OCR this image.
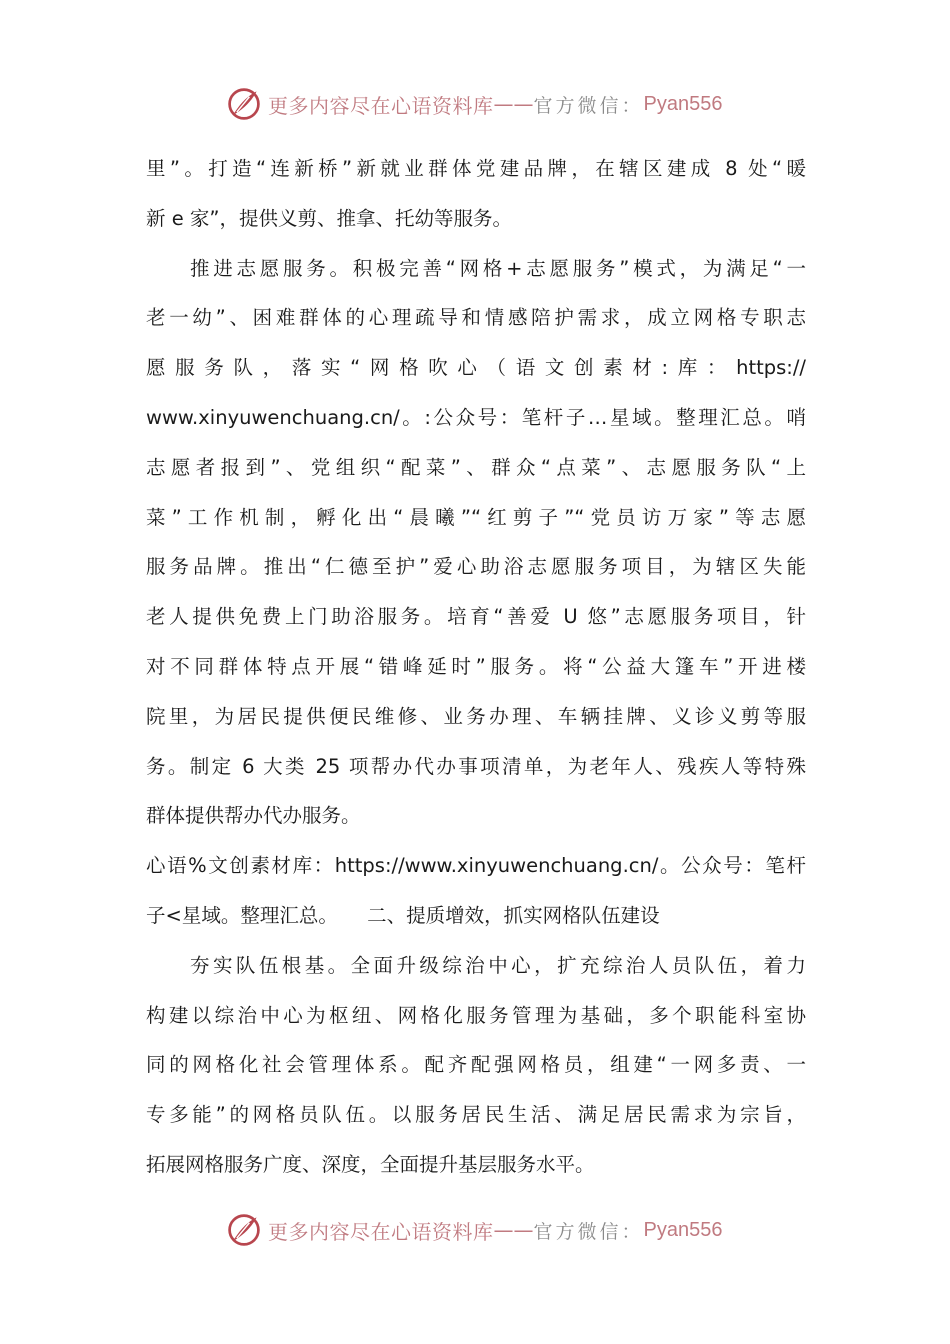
更多内容尽在心语资料库 —— 官方微信： Pyan556
里”。打造“连新桥”新就业群体党建品牌，在辖区建成 8 处“暖
新 e 家”，提供义剪、推拿、托幼等服务。
推进志愿服务。积极完善“网格+志愿服务”模式，为满足“一
老一幼”、困难群体的心理疏导和情感陪护需求，成立网格专职志
愿服务队，落实“网格吹心（语文创素材:库：https://
www.xinyuwenchuang.cn/。:公众号：笔杆子…星域。整理汇总。哨
志愿者报到”、党组织“配菜”、群众“点菜”、志愿服务队“上
菜”工作机制，孵化出“晨曦”“红剪子”“党员访万家”等志愿
服务品牌。推出“仁德至护”爱心助浴志愿服务项目，为辖区失能
老人提供免费上门助浴服务。培育“善爱 U 悠”志愿服务项目，针
对不同群体特点开展“错峰延时”服务。将“公益大篷车”开进楼
院里，为居民提供便民维修、业务办理、车辆挂牌、义诊义剪等服
务。制定 6 大类 25 项帮办代办事项清单，为老年人、残疾人等特殊
群体提供帮办代办服务。
心语%文创素材库：https://www.xinyuwenchuang.cn/。公众号：笔杆
子<星域。整理汇总。　　二、提质增效，抓实网格队伍建设
夯实队伍根基。全面升级综治中心，扩充综治人员队伍，着力
构建以综治中心为枢纽、网格化服务管理为基础，多个职能科室协
同的网格化社会管理体系。配齐配强网格员，组建“一网多责、一
专多能”的网格员队伍。以服务居民生活、满足居民需求为宗旨，
拓展网格服务广度、深度，全面提升基层服务水平。
更多内容尽在心语资料库 —— 官方微信： Pyan556
